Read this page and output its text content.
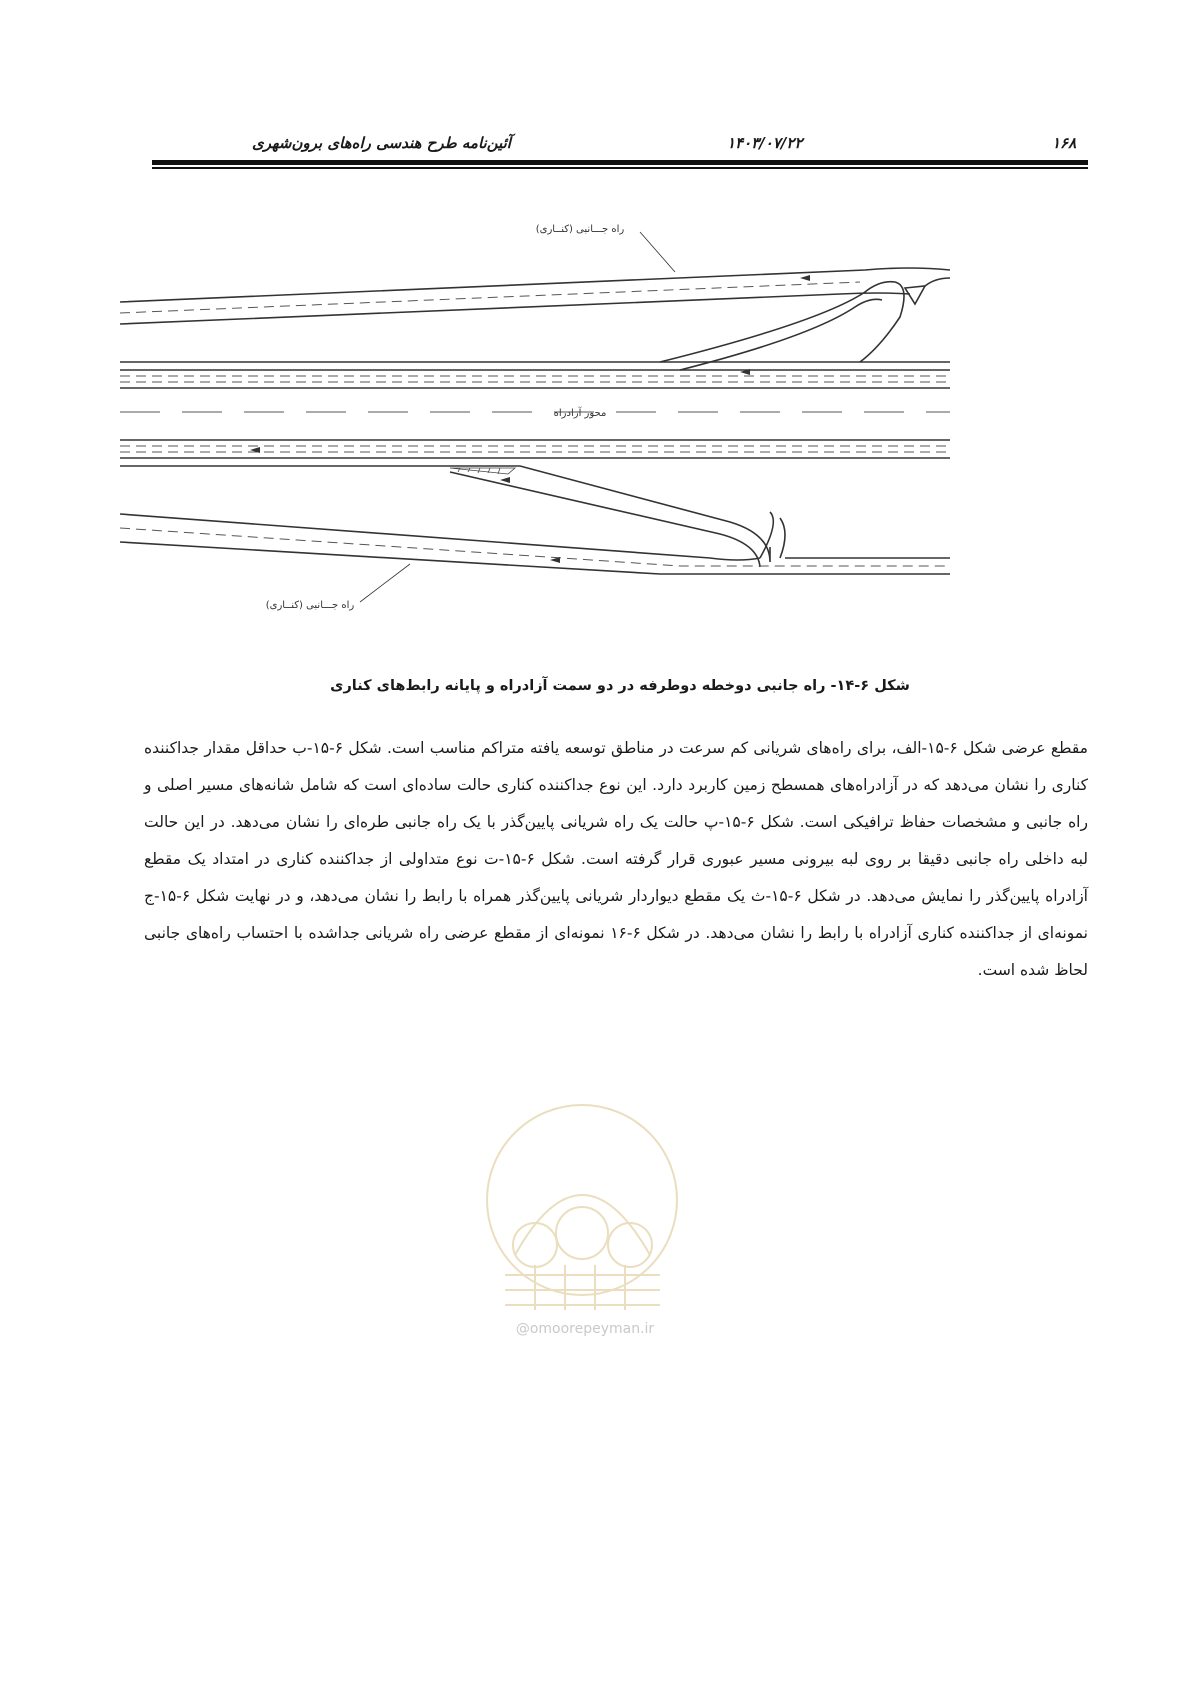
آئین‌نامه طرح هندسی راه‌های برون‌شهری	۱۴۰۳/۰۷/۲۲	۱۶۸
راه جـــانبی (کنــاری)
محور آزادراه
راه جـــانبی (کنــاری)
شکل ۶-۱۴- راه جانبی دوخطه دوطرفه در دو سمت آزادراه و پایانه رابط‌های کناری

مقطع عرضی شکل ۶-۱۵-الف، برای راه‌های شریانی کم سرعت در مناطق توسعه یافته متراکم مناسب است. شکل ۶-۱۵-ب حداقل مقدار جداکننده کناری را نشان می‌دهد که در آزادراه‌های همسطح زمین کاربرد دارد. این نوع جداکننده کناری حالت ساده‌ای است که شامل شانه‌های مسیر اصلی و راه جانبی و مشخصات حفاظ ترافیکی است. شکل ۶-۱۵-پ حالت یک راه شریانی پایین‌گذر با یک راه جانبی طره‌ای را نشان می‌دهد. در این حالت لبه داخلی راه جانبی دقیقا بر روی لبه بیرونی مسیر عبوری قرار گرفته است. شکل ۶-۱۵-ت نوع متداولی از جداکننده کناری در امتداد یک مقطع آزادراه پایین‌گذر را نمایش می‌دهد. در شکل ۶-۱۵-ث یک مقطع دیواردار شریانی پایین‌گذر همراه با رابط را نشان می‌دهد، و در نهایت شکل ۶-۱۵-ج نمونه‌ای از جداکننده کناری آزادراه با رابط را نشان می‌دهد. در شکل ۶-۱۶ نمونه‌ای از مقطع عرضی راه شریانی جداشده با احتساب راه‌های جانبی لحاظ شده است.

@omoorepeyman.ir
